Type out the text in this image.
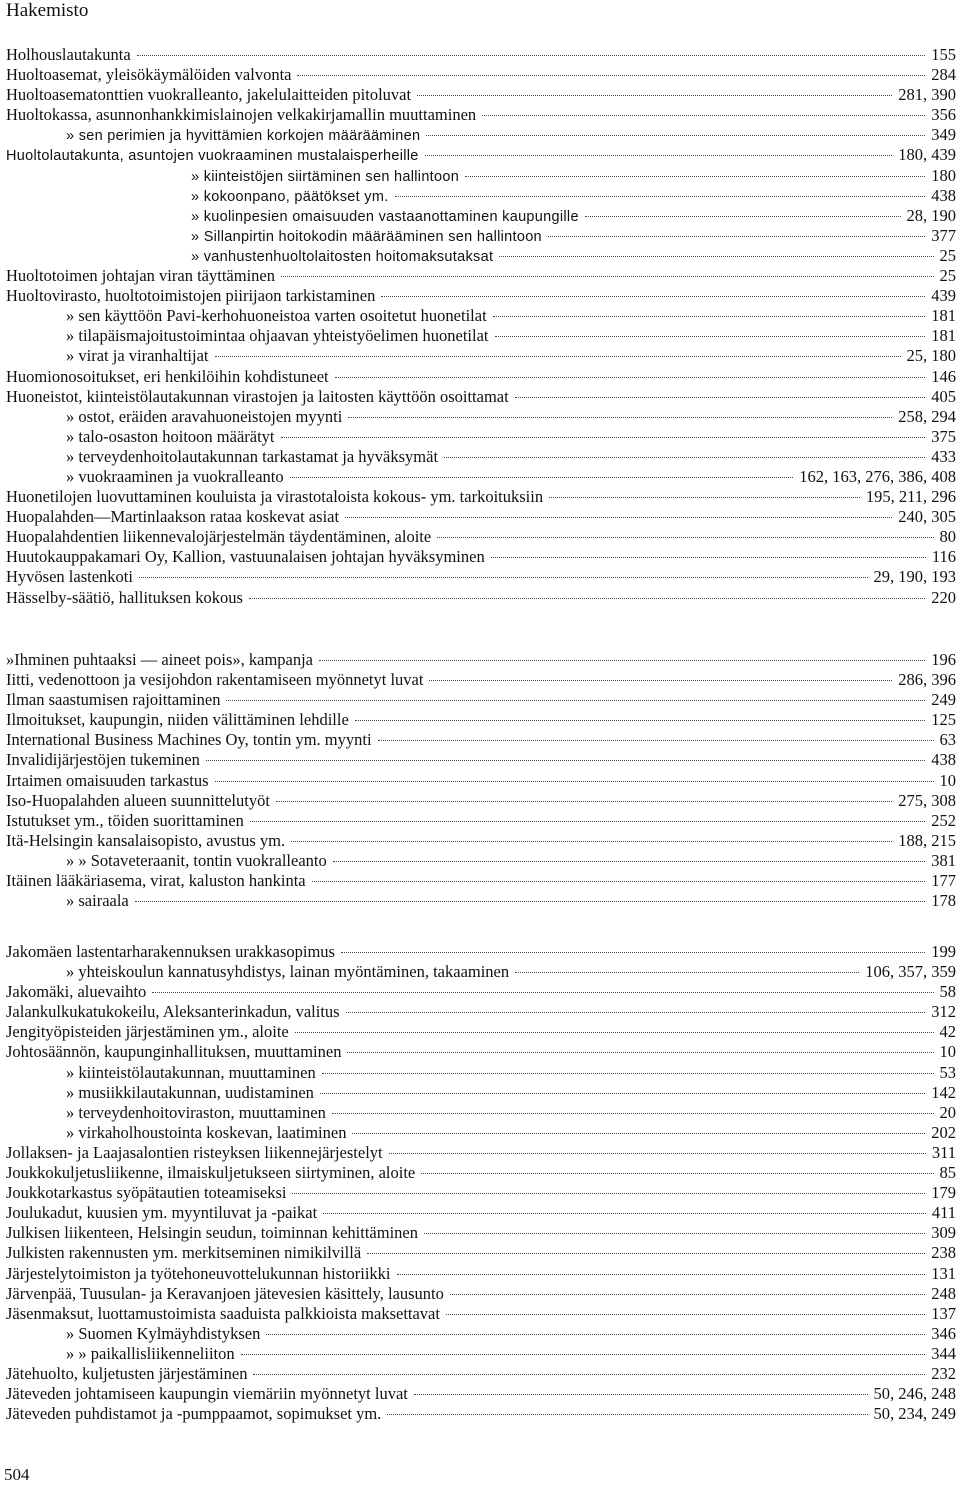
Hakemisto
Holhouslautakunta	155
Huoltoasemat, yleisökäymälöiden valvonta	284
Huoltoasematonttien vuokralleanto, jakelulaitteiden pitoluvat	281, 390
Huoltokassa, asunnonhankkimislainojen velkakirjamallin muuttaminen	356
» sen perimien ja hyvittämien korkojen määrääminen	349
Huoltolautakunta, asuntojen vuokraaminen mustalaisperheille	180, 439
» kiinteistöjen siirtäminen sen hallintoon	180
» kokoonpano, päätökset ym.	438
» kuolinpesien omaisuuden vastaanottaminen kaupungille	28, 190
» Sillanpirtin hoitokodin määrääminen sen hallintoon	377
» vanhustenhuoltolaitosten hoitomaksutaksat	25
Huoltotoimen johtajan viran täyttäminen	25
Huoltovirasto, huoltotoimistojen piirijaon tarkistaminen	439
» sen käyttöön Pavi-kerhohuoneistoa varten osoitetut huonetilat	181
» tilapäismajoitustoimintaa ohjaavan yhteistyöelimen huonetilat	181
» virat ja viranhaltijat	25, 180
Huomionosoitukset, eri henkilöihin kohdistuneet	146
Huoneistot, kiinteistölautakunnan virastojen ja laitosten käyttöön osoittamat	405
» ostot, eräiden aravahuoneistojen myynti	258, 294
» talo-osaston hoitoon määrätyt	375
» terveydenhoitolautakunnan tarkastamat ja hyväksymät	433
» vuokraaminen ja vuokralleanto	162, 163, 276, 386, 408
Huonetilojen luovuttaminen kouluista ja virastotaloista kokous- ym. tarkoituksiin	195, 211, 296
Huopalahden—Martinlaakson rataa koskevat asiat	240, 305
Huopalahdentien liikennevalojärjestelmän täydentäminen, aloite	80
Huutokauppakamari Oy, Kallion, vastuunalaisen johtajan hyväksyminen	116
Hyvösen lastenkoti	29, 190, 193
Hässelby-säätiö, hallituksen kokous	220
»Ihminen puhtaaksi — aineet pois», kampanja	196
Iitti, vedenottoon ja vesijohdon rakentamiseen myönnetyt luvat	286, 396
Ilman saastumisen rajoittaminen	249
Ilmoitukset, kaupungin, niiden välittäminen lehdille	125
International Business Machines Oy, tontin ym. myynti	63
Invalidijärjestöjen tukeminen	438
Irtaimen omaisuuden tarkastus	10
Iso-Huopalahden alueen suunnittelutyöt	275, 308
Istutukset ym., töiden suorittaminen	252
Itä-Helsingin kansalaisopisto, avustus ym.	188, 215
» » Sotaveteraanit, tontin vuokralleanto	381
Itäinen lääkäriasema, virat, kaluston hankinta	177
» sairaala	178
Jakomäen lastentarharakennuksen urakkasopimus	199
» yhteiskoulun kannatusyhdistys, lainan myöntäminen, takaaminen	106, 357, 359
Jakomäki, aluevaihto	58
Jalankulkukatukokeilu, Aleksanterinkadun, valitus	312
Jengityöpisteiden järjestäminen ym., aloite	42
Johtosäännön, kaupunginhallituksen, muuttaminen	10
» kiinteistölautakunnan, muuttaminen	53
» musiikkilautakunnan, uudistaminen	142
» terveydenhoitoviraston, muuttaminen	20
» virkaholhoustointa koskevan, laatiminen	202
Jollaksen- ja Laajasalontien risteyksen liikennejärjestelyt	311
Joukkokuljetusliikenne, ilmaiskuljetukseen siirtyminen, aloite	85
Joukkotarkastus syöpätautien toteamiseksi	179
Joulukadut, kuusien ym. myyntiluvat ja -paikat	411
Julkisen liikenteen, Helsingin seudun, toiminnan kehittäminen	309
Julkisten rakennusten ym. merkitseminen nimikilvillä	238
Järjestelytoimiston ja työtehoneuvottelukunnan historiikki	131
Järvenpää, Tuusulan- ja Keravanjoen jätevesien käsittely, lausunto	248
Jäsenmaksut, luottamustoimista saaduista palkkioista maksettavat	137
» Suomen Kylmäyhdistyksen	346
» » paikallisliikenneliiton	344
Jätehuolto, kuljetusten järjestäminen	232
Jäteveden johtamiseen kaupungin viemäriin myönnetyt luvat	50, 246, 248
Jäteveden puhdistamot ja -pumppaamot, sopimukset ym.	50, 234, 249
504
